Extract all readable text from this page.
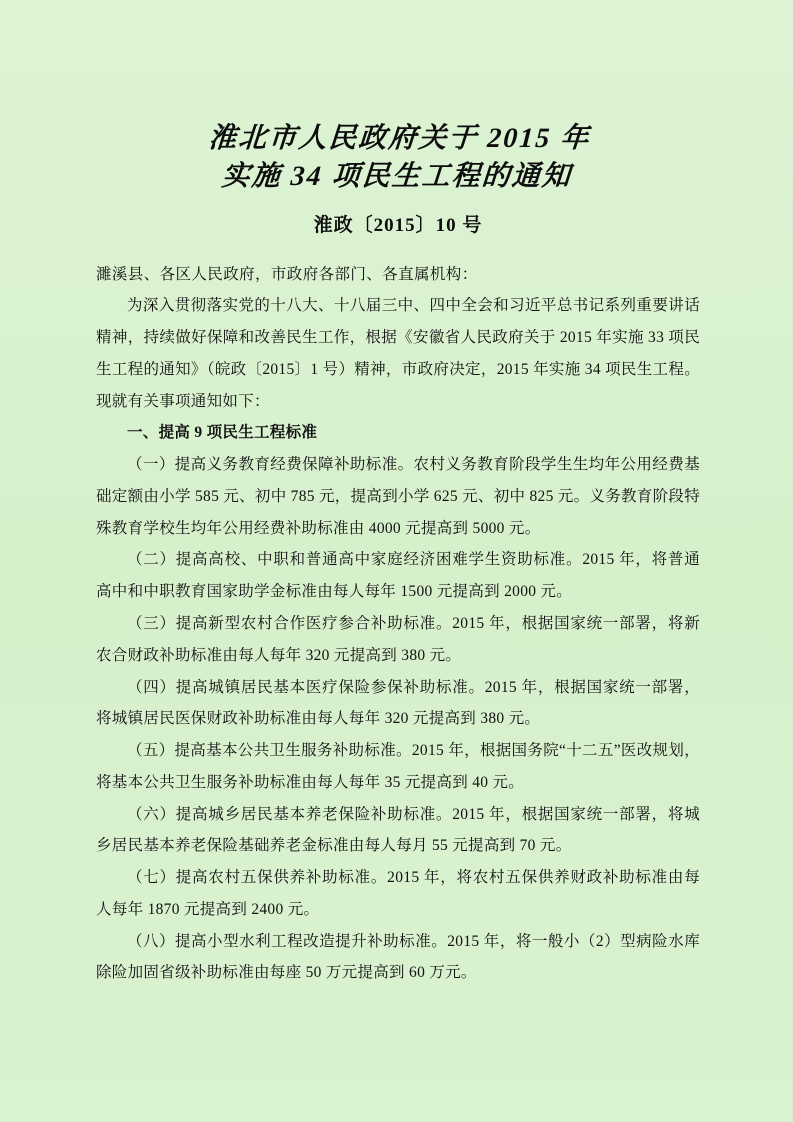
淮北市人民政府关于 2015 年
实施 34 项民生工程的通知
淮政〔2015〕10 号
濉溪县、各区人民政府，市政府各部门、各直属机构：

为深入贯彻落实党的十八大、十八届三中、四中全会和习近平总书记系列重要讲话精神，持续做好保障和改善民生工作，根据《安徽省人民政府关于 2015 年实施 33 项民生工程的通知》（皖政〔2015〕1 号）精神，市政府决定，2015 年实施 34 项民生工程。现就有关事项通知如下：

一、提高 9 项民生工程标准

（一）提高义务教育经费保障补助标准。农村义务教育阶段学生生均年公用经费基础定额由小学 585 元、初中 785 元，提高到小学 625 元、初中 825 元。义务教育阶段特殊教育学校生均年公用经费补助标准由 4000 元提高到 5000 元。

（二）提高高校、中职和普通高中家庭经济困难学生资助标准。2015 年，将普通高中和中职教育国家助学金标准由每人每年 1500 元提高到 2000 元。

（三）提高新型农村合作医疗参合补助标准。2015 年，根据国家统一部署，将新农合财政补助标准由每人每年 320 元提高到 380 元。

（四）提高城镇居民基本医疗保险参保补助标准。2015 年，根据国家统一部署，将城镇居民医保财政补助标准由每人每年 320 元提高到 380 元。

（五）提高基本公共卫生服务补助标准。2015 年，根据国务院“十二五”医改规划，将基本公共卫生服务补助标准由每人每年 35 元提高到 40 元。

（六）提高城乡居民基本养老保险补助标准。2015 年，根据国家统一部署，将城乡居民基本养老保险基础养老金标准由每人每月 55 元提高到 70 元。

（七）提高农村五保供养补助标准。2015 年，将农村五保供养财政补助标准由每人每年 1870 元提高到 2400 元。

（八）提高小型水利工程改造提升补助标准。2015 年，将一般小（2）型病险水库除险加固省级补助标准由每座 50 万元提高到 60 万元。
